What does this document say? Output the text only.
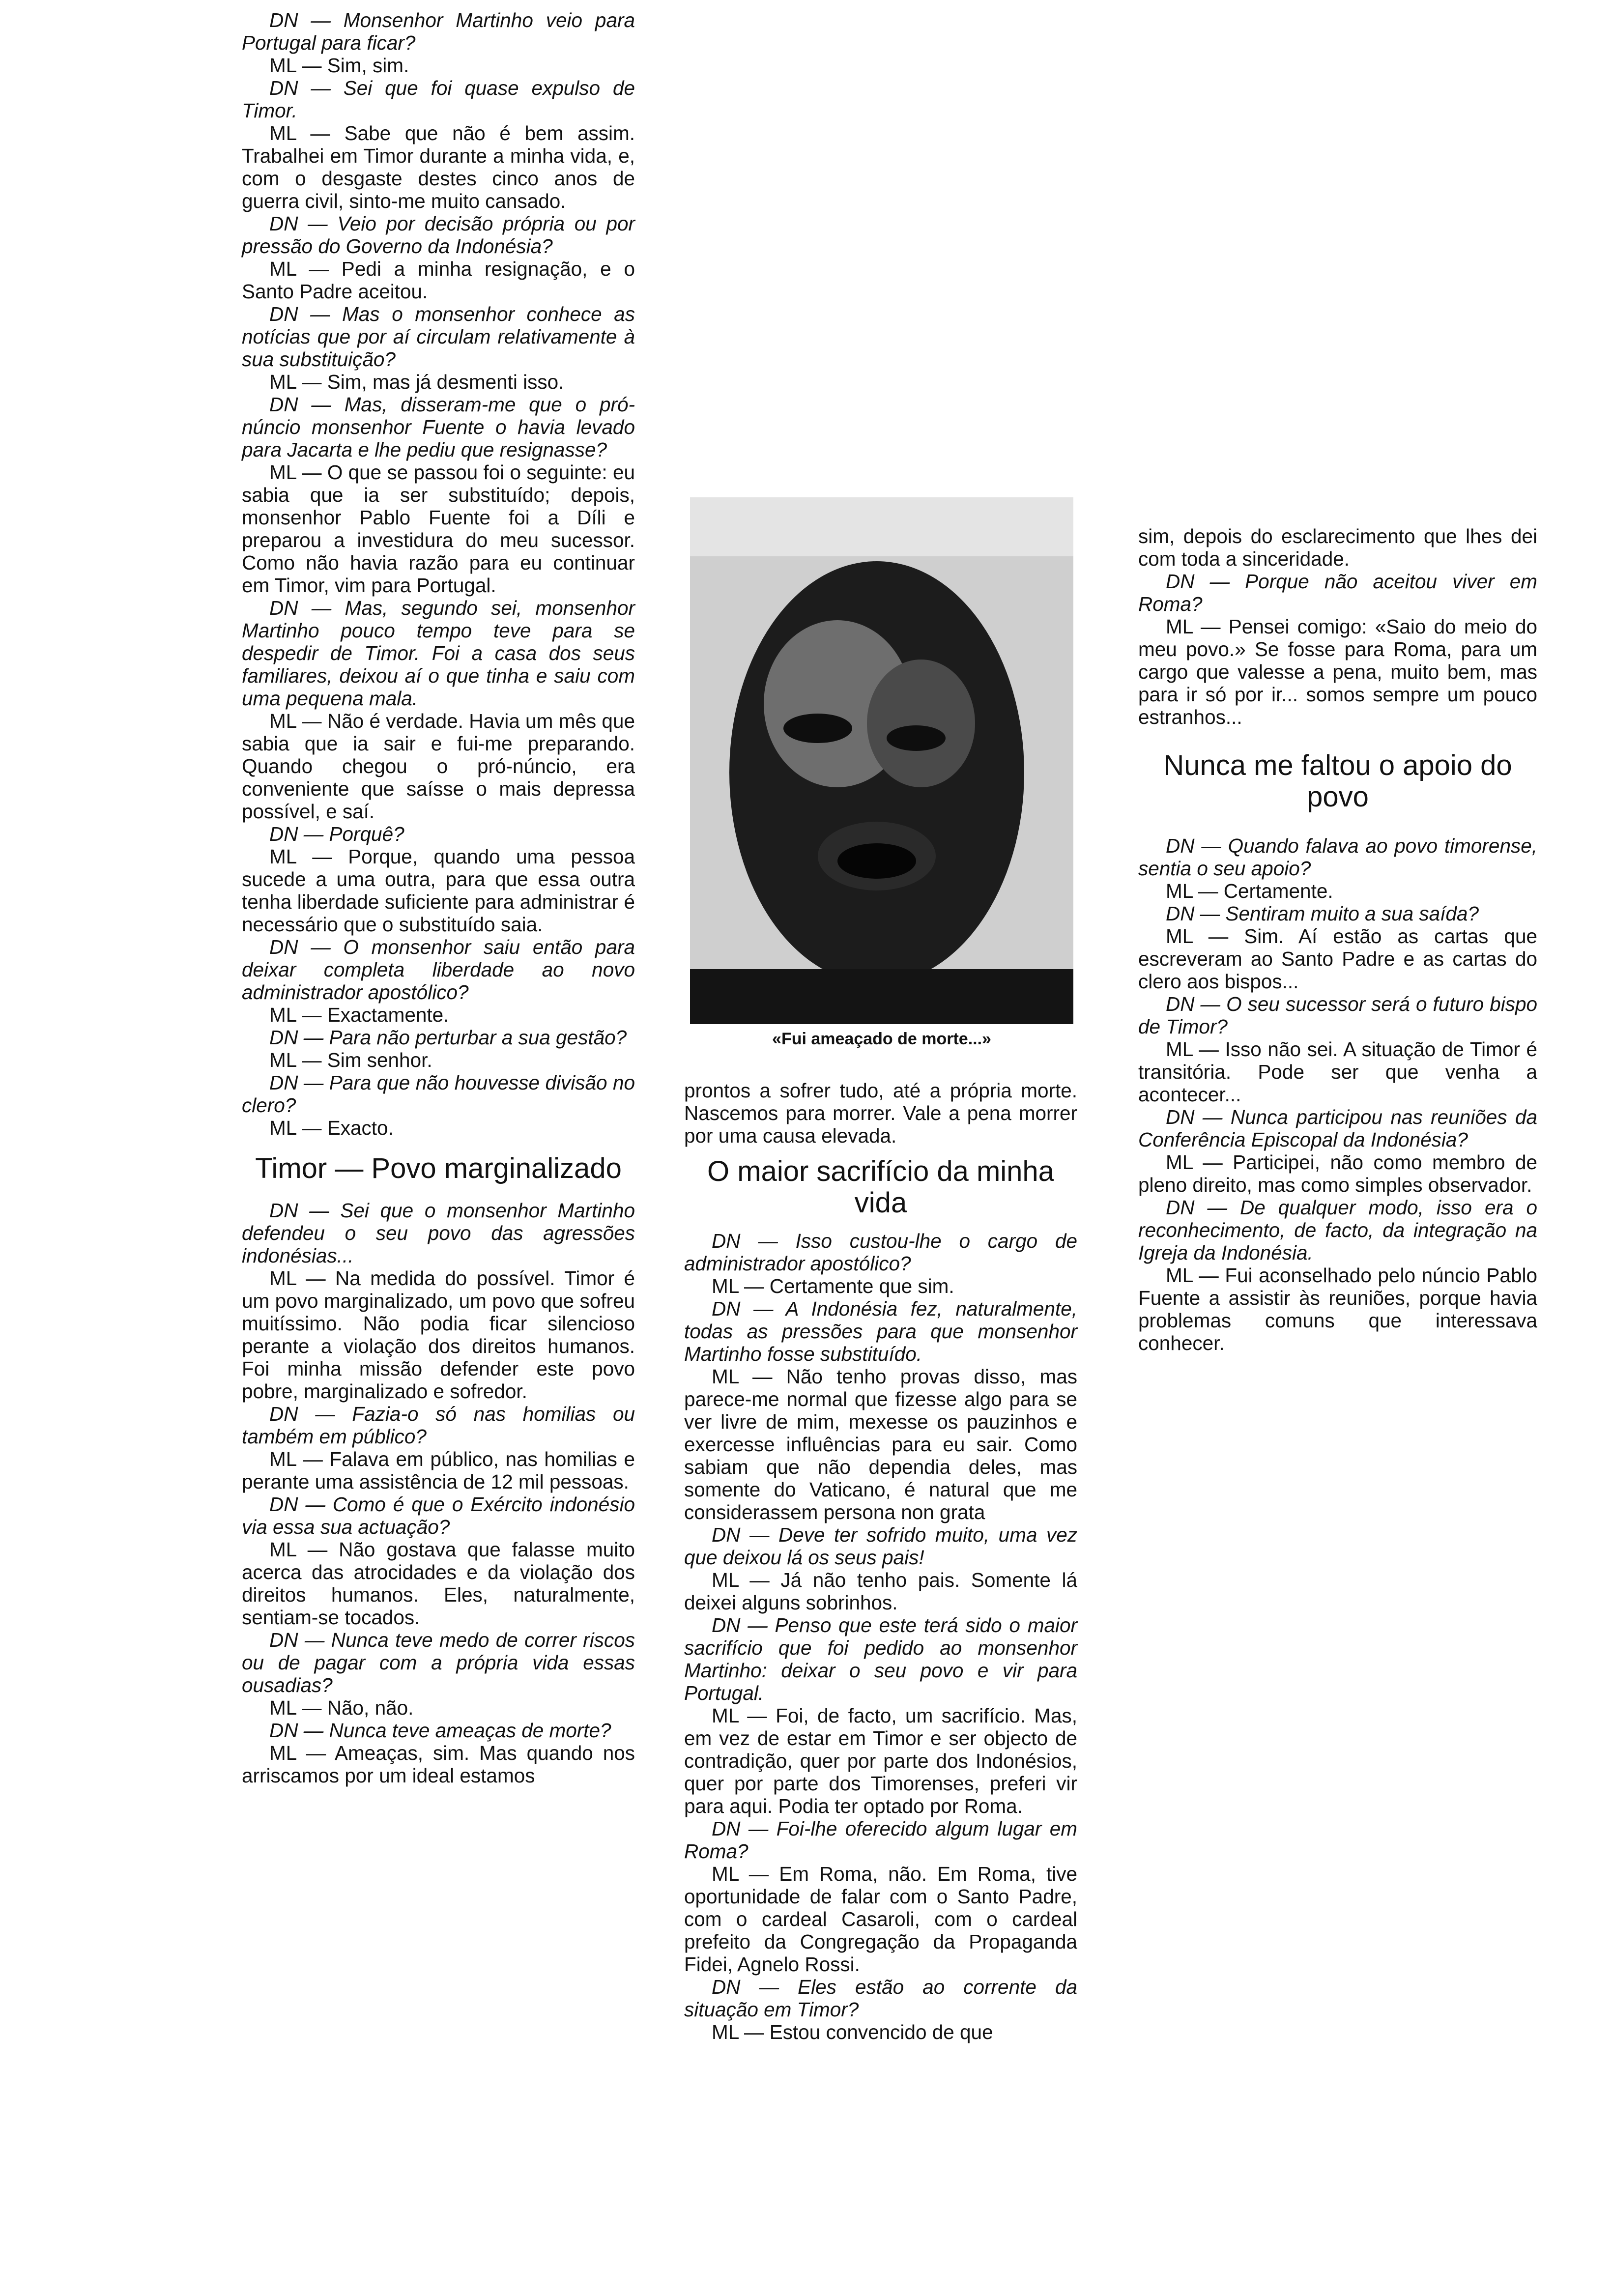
DN — Monsenhor Martinho veio para Portugal para ficar?

ML — Sim, sim.

DN — Sei que foi quase expulso de Timor.

ML — Sabe que não é bem assim. Trabalhei em Timor durante a minha vida, e, com o desgaste destes cinco anos de guerra civil, sinto-me muito cansado.

DN — Veio por decisão própria ou por pressão do Governo da Indonésia?

ML — Pedi a minha resignação, e o Santo Padre aceitou.

DN — Mas o monsenhor conhece as notícias que por aí circulam relativamente à sua substituição?

ML — Sim, mas já desmenti isso.

DN — Mas, disseram-me que o pró-núncio monsenhor Fuente o havia levado para Jacarta e lhe pediu que resignasse?

ML — O que se passou foi o seguinte: eu sabia que ia ser substituído; depois, monsenhor Pablo Fuente foi a Díli e preparou a investidura do meu sucessor. Como não havia razão para eu continuar em Timor, vim para Portugal.

DN — Mas, segundo sei, monsenhor Martinho pouco tempo teve para se despedir de Timor. Foi a casa dos seus familiares, deixou aí o que tinha e saiu com uma pequena mala.

ML — Não é verdade. Havia um mês que sabia que ia sair e fui-me preparando. Quando chegou o pró-núncio, era conveniente que saísse o mais depressa possível, e saí.

DN — Porquê?

ML — Porque, quando uma pessoa sucede a uma outra, para que essa outra tenha liberdade suficiente para administrar é necessário que o substituído saia.

DN — O monsenhor saiu então para deixar completa liberdade ao novo administrador apostólico?

ML — Exactamente.

DN — Para não perturbar a sua gestão?

ML — Sim senhor.

DN — Para que não houvesse divisão no clero?

ML — Exacto.

Timor — Povo marginalizado

DN — Sei que o monsenhor Martinho defendeu o seu povo das agressões indonésias...

ML — Na medida do possível. Timor é um povo marginalizado, um povo que sofreu muitíssimo. Não podia ficar silencioso perante a violação dos direitos humanos. Foi minha missão defender este povo pobre, marginalizado e sofredor.

DN — Fazia-o só nas homilias ou também em público?

ML — Falava em público, nas homilias e perante uma assistência de 12 mil pessoas.

DN — Como é que o Exército indonésio via essa sua actuação?

ML — Não gostava que falasse muito acerca das atrocidades e da violação dos direitos humanos. Eles, naturalmente, sentiam-se tocados.

DN — Nunca teve medo de correr riscos ou de pagar com a própria vida essas ousadias?

ML — Não, não.

DN — Nunca teve ameaças de morte?

ML — Ameaças, sim. Mas quando nos arriscamos por um ideal estamos

«Fui ameaçado de morte...»

prontos a sofrer tudo, até a própria morte. Nascemos para morrer. Vale a pena morrer por uma causa elevada.

O maior sacrifício da minha vida

DN — Isso custou-lhe o cargo de administrador apostólico?

ML — Certamente que sim.

DN — A Indonésia fez, naturalmente, todas as pressões para que monsenhor Martinho fosse substituído.

ML — Não tenho provas disso, mas parece-me normal que fizesse algo para se ver livre de mim, mexesse os pauzinhos e exercesse influências para eu sair. Como sabiam que não dependia deles, mas somente do Vaticano, é natural que me considerassem persona non grata

DN — Deve ter sofrido muito, uma vez que deixou lá os seus pais!

ML — Já não tenho pais. Somente lá deixei alguns sobrinhos.

DN — Penso que este terá sido o maior sacrifício que foi pedido ao monsenhor Martinho: deixar o seu povo e vir para Portugal.

ML — Foi, de facto, um sacrifício. Mas, em vez de estar em Timor e ser objecto de contradição, quer por parte dos Indonésios, quer por parte dos Timorenses, preferi vir para aqui. Podia ter optado por Roma.

DN — Foi-lhe oferecido algum lugar em Roma?

ML — Em Roma, não. Em Roma, tive oportunidade de falar com o Santo Padre, com o cardeal Casaroli, com o cardeal prefeito da Congregação da Propaganda Fidei, Agnelo Rossi.

DN — Eles estão ao corrente da situação em Timor?

ML — Estou convencido de que

sim, depois do esclarecimento que lhes dei com toda a sinceridade.

DN — Porque não aceitou viver em Roma?

ML — Pensei comigo: «Saio do meio do meu povo.» Se fosse para Roma, para um cargo que valesse a pena, muito bem, mas para ir só por ir... somos sempre um pouco estranhos...

Nunca me faltou o apoio do povo

DN — Quando falava ao povo timorense, sentia o seu apoio?

ML — Certamente.

DN — Sentiram muito a sua saída?

ML — Sim. Aí estão as cartas que escreveram ao Santo Padre e as cartas do clero aos bispos...

DN — O seu sucessor será o futuro bispo de Timor?

ML — Isso não sei. A situação de Timor é transitória. Pode ser que venha a acontecer...

DN — Nunca participou nas reuniões da Conferência Episcopal da Indonésia?

ML — Participei, não como membro de pleno direito, mas como simples observador.

DN — De qualquer modo, isso era o reconhecimento, de facto, da integração na Igreja da Indonésia.

ML — Fui aconselhado pelo núncio Pablo Fuente a assistir às reuniões, porque havia problemas comuns que interessava conhecer.
